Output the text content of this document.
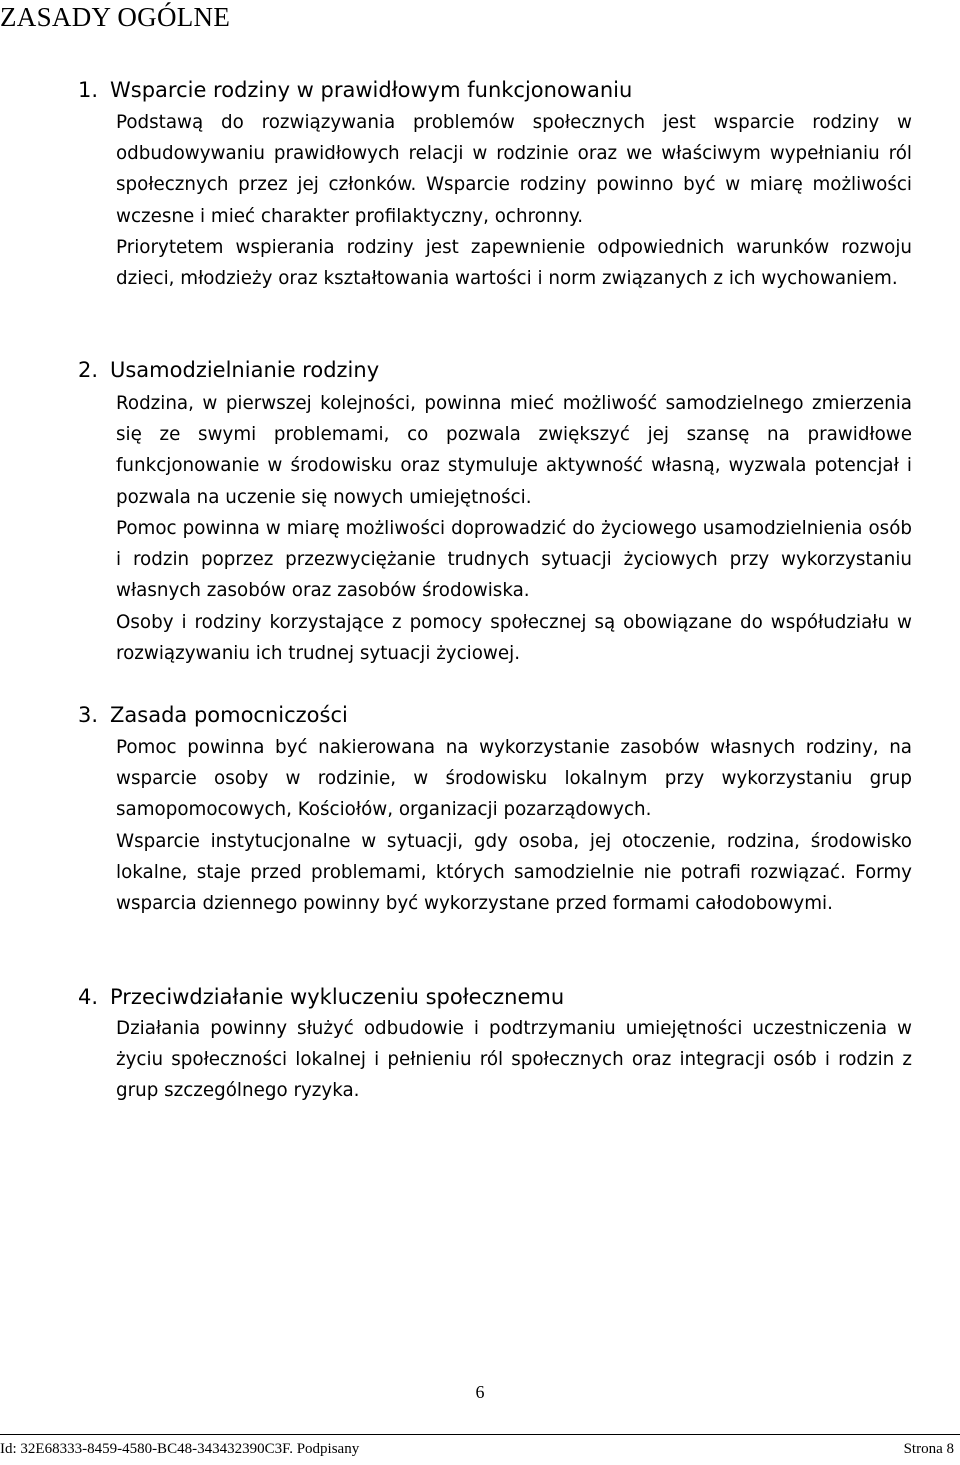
ZASADY OGÓLNE
1. Wsparcie rodziny w prawidłowym funkcjonowaniu
Podstawą do rozwiązywania problemów społecznych jest wsparcie rodziny w odbudowywaniu prawidłowych relacji w rodzinie oraz we właściwym wypełnianiu ról społecznych przez jej członków. Wsparcie rodziny powinno być w miarę możliwości wczesne i mieć charakter profilaktyczny, ochronny.
Priorytetem wspierania rodziny jest zapewnienie odpowiednich warunków rozwoju dzieci, młodzieży oraz kształtowania wartości i norm związanych z ich wychowaniem.
2. Usamodzielnianie rodziny
Rodzina, w pierwszej kolejności, powinna mieć możliwość samodzielnego zmierzenia się ze swymi problemami, co pozwala zwiększyć jej szansę na prawidłowe funkcjonowanie w środowisku oraz stymuluje aktywność własną, wyzwala potencjał i pozwala na uczenie się nowych umiejętności.
Pomoc powinna w miarę możliwości doprowadzić do życiowego usamodzielnienia osób i rodzin poprzez przezwyciężanie trudnych sytuacji życiowych przy wykorzystaniu własnych zasobów oraz zasobów środowiska.
Osoby i rodziny korzystające z pomocy społecznej są obowiązane do współudziału w rozwiązywaniu ich trudnej sytuacji życiowej.
3. Zasada pomocniczości
Pomoc powinna być nakierowana na wykorzystanie zasobów własnych rodziny, na wsparcie osoby w rodzinie, w środowisku lokalnym przy wykorzystaniu grup samopomocowych, Kościołów, organizacji pozarządowych.
Wsparcie instytucjonalne w sytuacji, gdy osoba, jej otoczenie, rodzina, środowisko lokalne, staje przed problemami, których samodzielnie nie potrafi rozwiązać. Formy wsparcia dziennego powinny być wykorzystane przed formami całodobowymi.
4. Przeciwdziałanie wykluczeniu społecznemu
Działania powinny służyć odbudowie i podtrzymaniu umiejętności uczestniczenia w życiu społeczności lokalnej i pełnieniu ról społecznych oraz integracji osób i rodzin z grup szczególnego ryzyka.
6
Id: 32E68333-8459-4580-BC48-343432390C3F. Podpisany	Strona 8
